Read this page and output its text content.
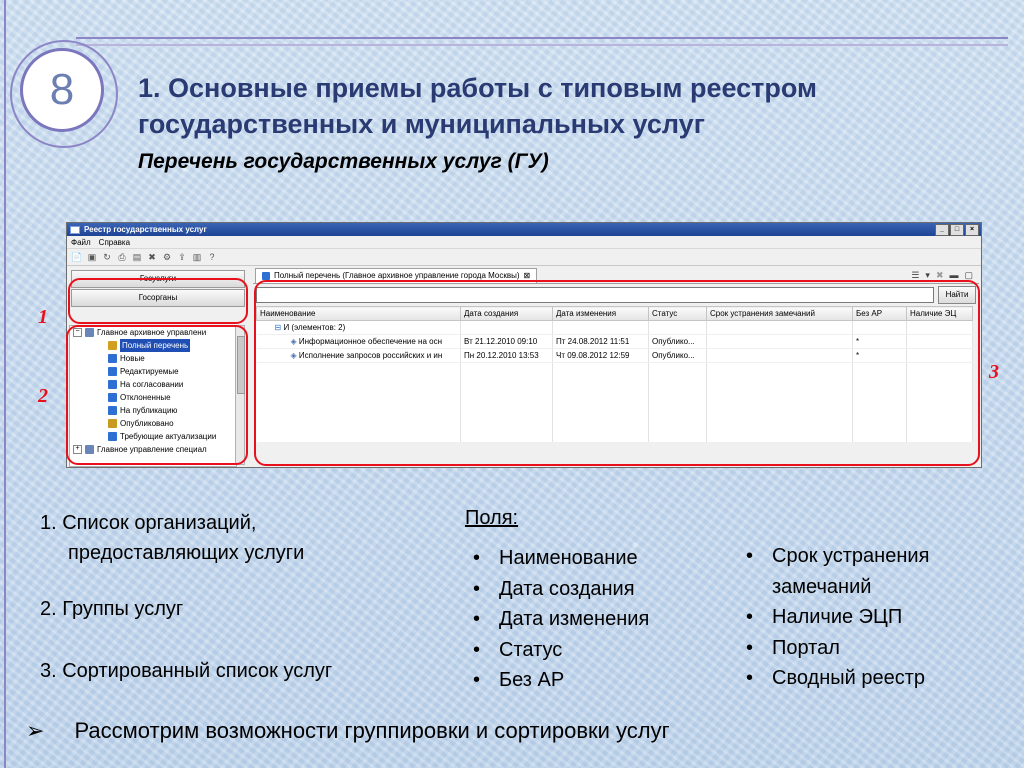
8	1. Основные приемы работы с типовым реестром государственных и муниципальных услуг
Перечень государственных услуг (ГУ)
Реестр государственных услуг	_	□	×
Файл Справка
📄 ▣ ↻ ⎙ ▤ ✖ ⚙ ⇪ ▥ ?
Госуслуги
Госорганы
−	Главное архивное управлени
Полный перечень
Новые
Редактируемые
На согласовании
Отклоненные
На публикацию
Опубликовано
Требующие актуализации
+	Главное управление специал
Полный перечень (Главное архивное управление города Москвы) ⊠	☰ ▾ ✖ ▬ ▢
Найти
Наименование	Дата создания	Дата изменения	Статус	Срок устранения замечаний	Без АР	Наличие ЭЦ
⊟ И (элементов: 2)						
◈ Информационное обеспечение на осн	Вт 21.12.2010 09:10	Пт 24.08.2012 11:51	Опублико...		*	
◈ Исполнение запросов российских и ин	Пн 20.12.2010 13:53	Чт 09.08.2012 12:59	Опублико...		*	

1
2
3
1. Список организаций,
предоставляющих услуги
2. Группы услуг
3. Сортированный список услуг
Поля:
• Наименование
• Дата создания
• Дата изменения
• Статус
• Без АР
• Срок устранения замечаний
• Наличие ЭЦП
• Портал
• Сводный реестр
➢ Рассмотрим возможности группировки и сортировки услуг
